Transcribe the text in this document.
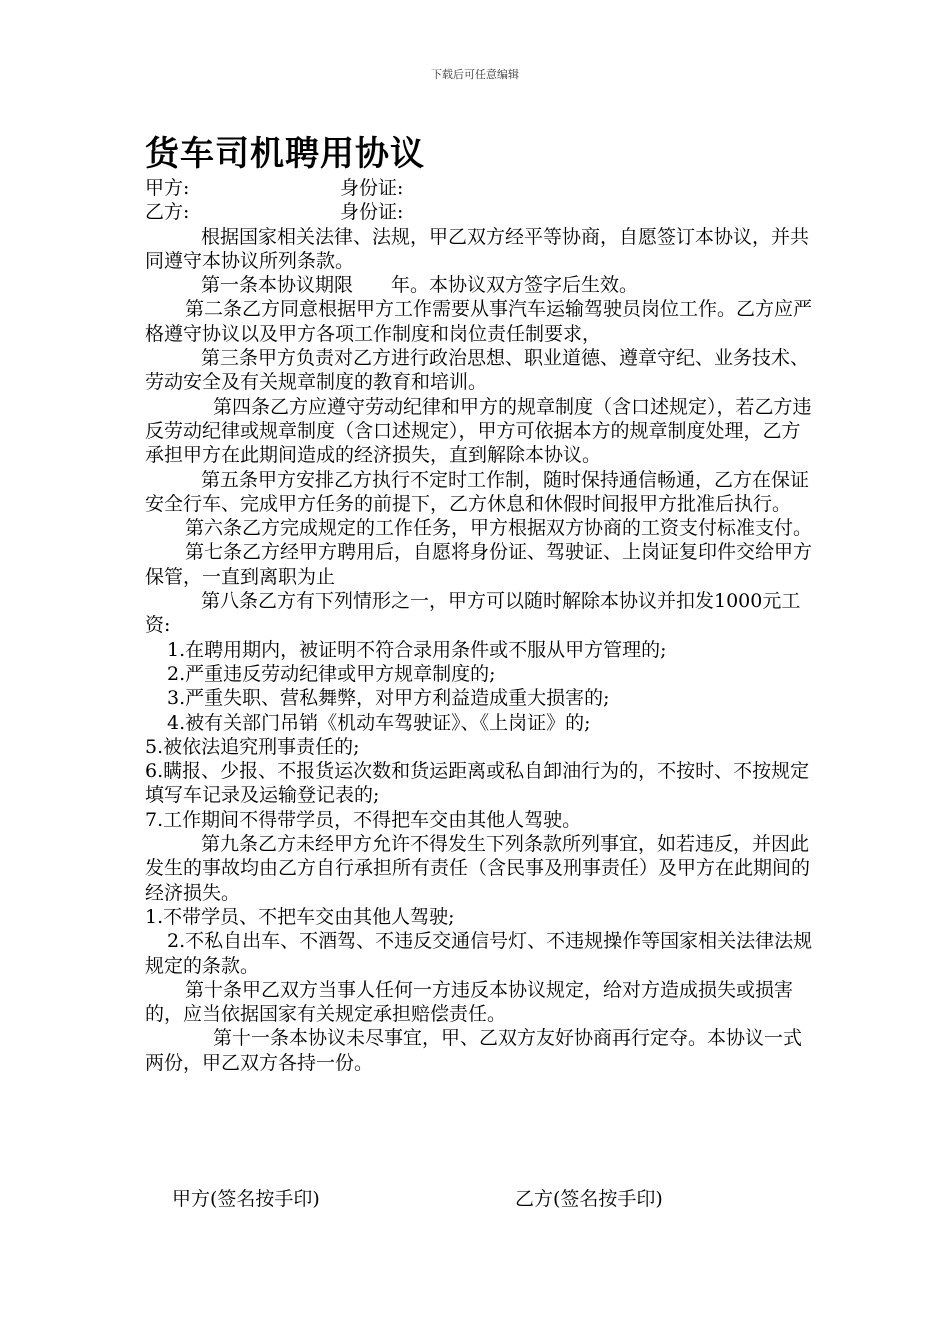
下载后可任意编辑
货车司机聘用协议
甲方:	身份证:
乙方:	身份证:

根据国家相关法律、法规，甲乙双方经平等协商，自愿签订本协议，并共同遵守本协议所列条款。

第一条本协议期限　　年。本协议双方签字后生效。

第二条乙方同意根据甲方工作需要从事汽车运输驾驶员岗位工作。乙方应严格遵守协议以及甲方各项工作制度和岗位责任制要求，

第三条甲方负责对乙方进行政治思想、职业道德、遵章守纪、业务技术、劳动安全及有关规章制度的教育和培训。

第四条乙方应遵守劳动纪律和甲方的规章制度（含口述规定），若乙方违反劳动纪律或规章制度（含口述规定），甲方可依据本方的规章制度处理，乙方承担甲方在此期间造成的经济损失，直到解除本协议。

第五条甲方安排乙方执行不定时工作制，随时保持通信畅通，乙方在保证安全行车、完成甲方任务的前提下，乙方休息和休假时间报甲方批准后执行。

第六条乙方完成规定的工作任务，甲方根据双方协商的工资支付标准支付。

第七条乙方经甲方聘用后，自愿将身份证、驾驶证、上岗证复印件交给甲方保管，一直到离职为止

第八条乙方有下列情形之一，甲方可以随时解除本协议并扣发1000元工资:

1.在聘用期内，被证明不符合录用条件或不服从甲方管理的;

2.严重违反劳动纪律或甲方规章制度的;

3.严重失职、营私舞弊，对甲方利益造成重大损害的;

4.被有关部门吊销《机动车驾驶证》、《上岗证》的;

5.被依法追究刑事责任的;

6.瞒报、少报、不报货运次数和货运距离或私自卸油行为的，不按时、不按规定填写车记录及运输登记表的;

7.工作期间不得带学员，不得把车交由其他人驾驶。

第九条乙方未经甲方允许不得发生下列条款所列事宜，如若违反，并因此发生的事故均由乙方自行承担所有责任（含民事及刑事责任）及甲方在此期间的经济损失。

1.不带学员、不把车交由其他人驾驶;

2.不私自出车、不酒驾、不违反交通信号灯、不违规操作等国家相关法律法规规定的条款。

第十条甲乙双方当事人任何一方违反本协议规定，给对方造成损失或损害的，应当依据国家有关规定承担赔偿责任。

第十一条本协议未尽事宜，甲、乙双方友好协商再行定夺。本协议一式两份，甲乙双方各持一份。

甲方(签名按手印)	乙方(签名按手印)
